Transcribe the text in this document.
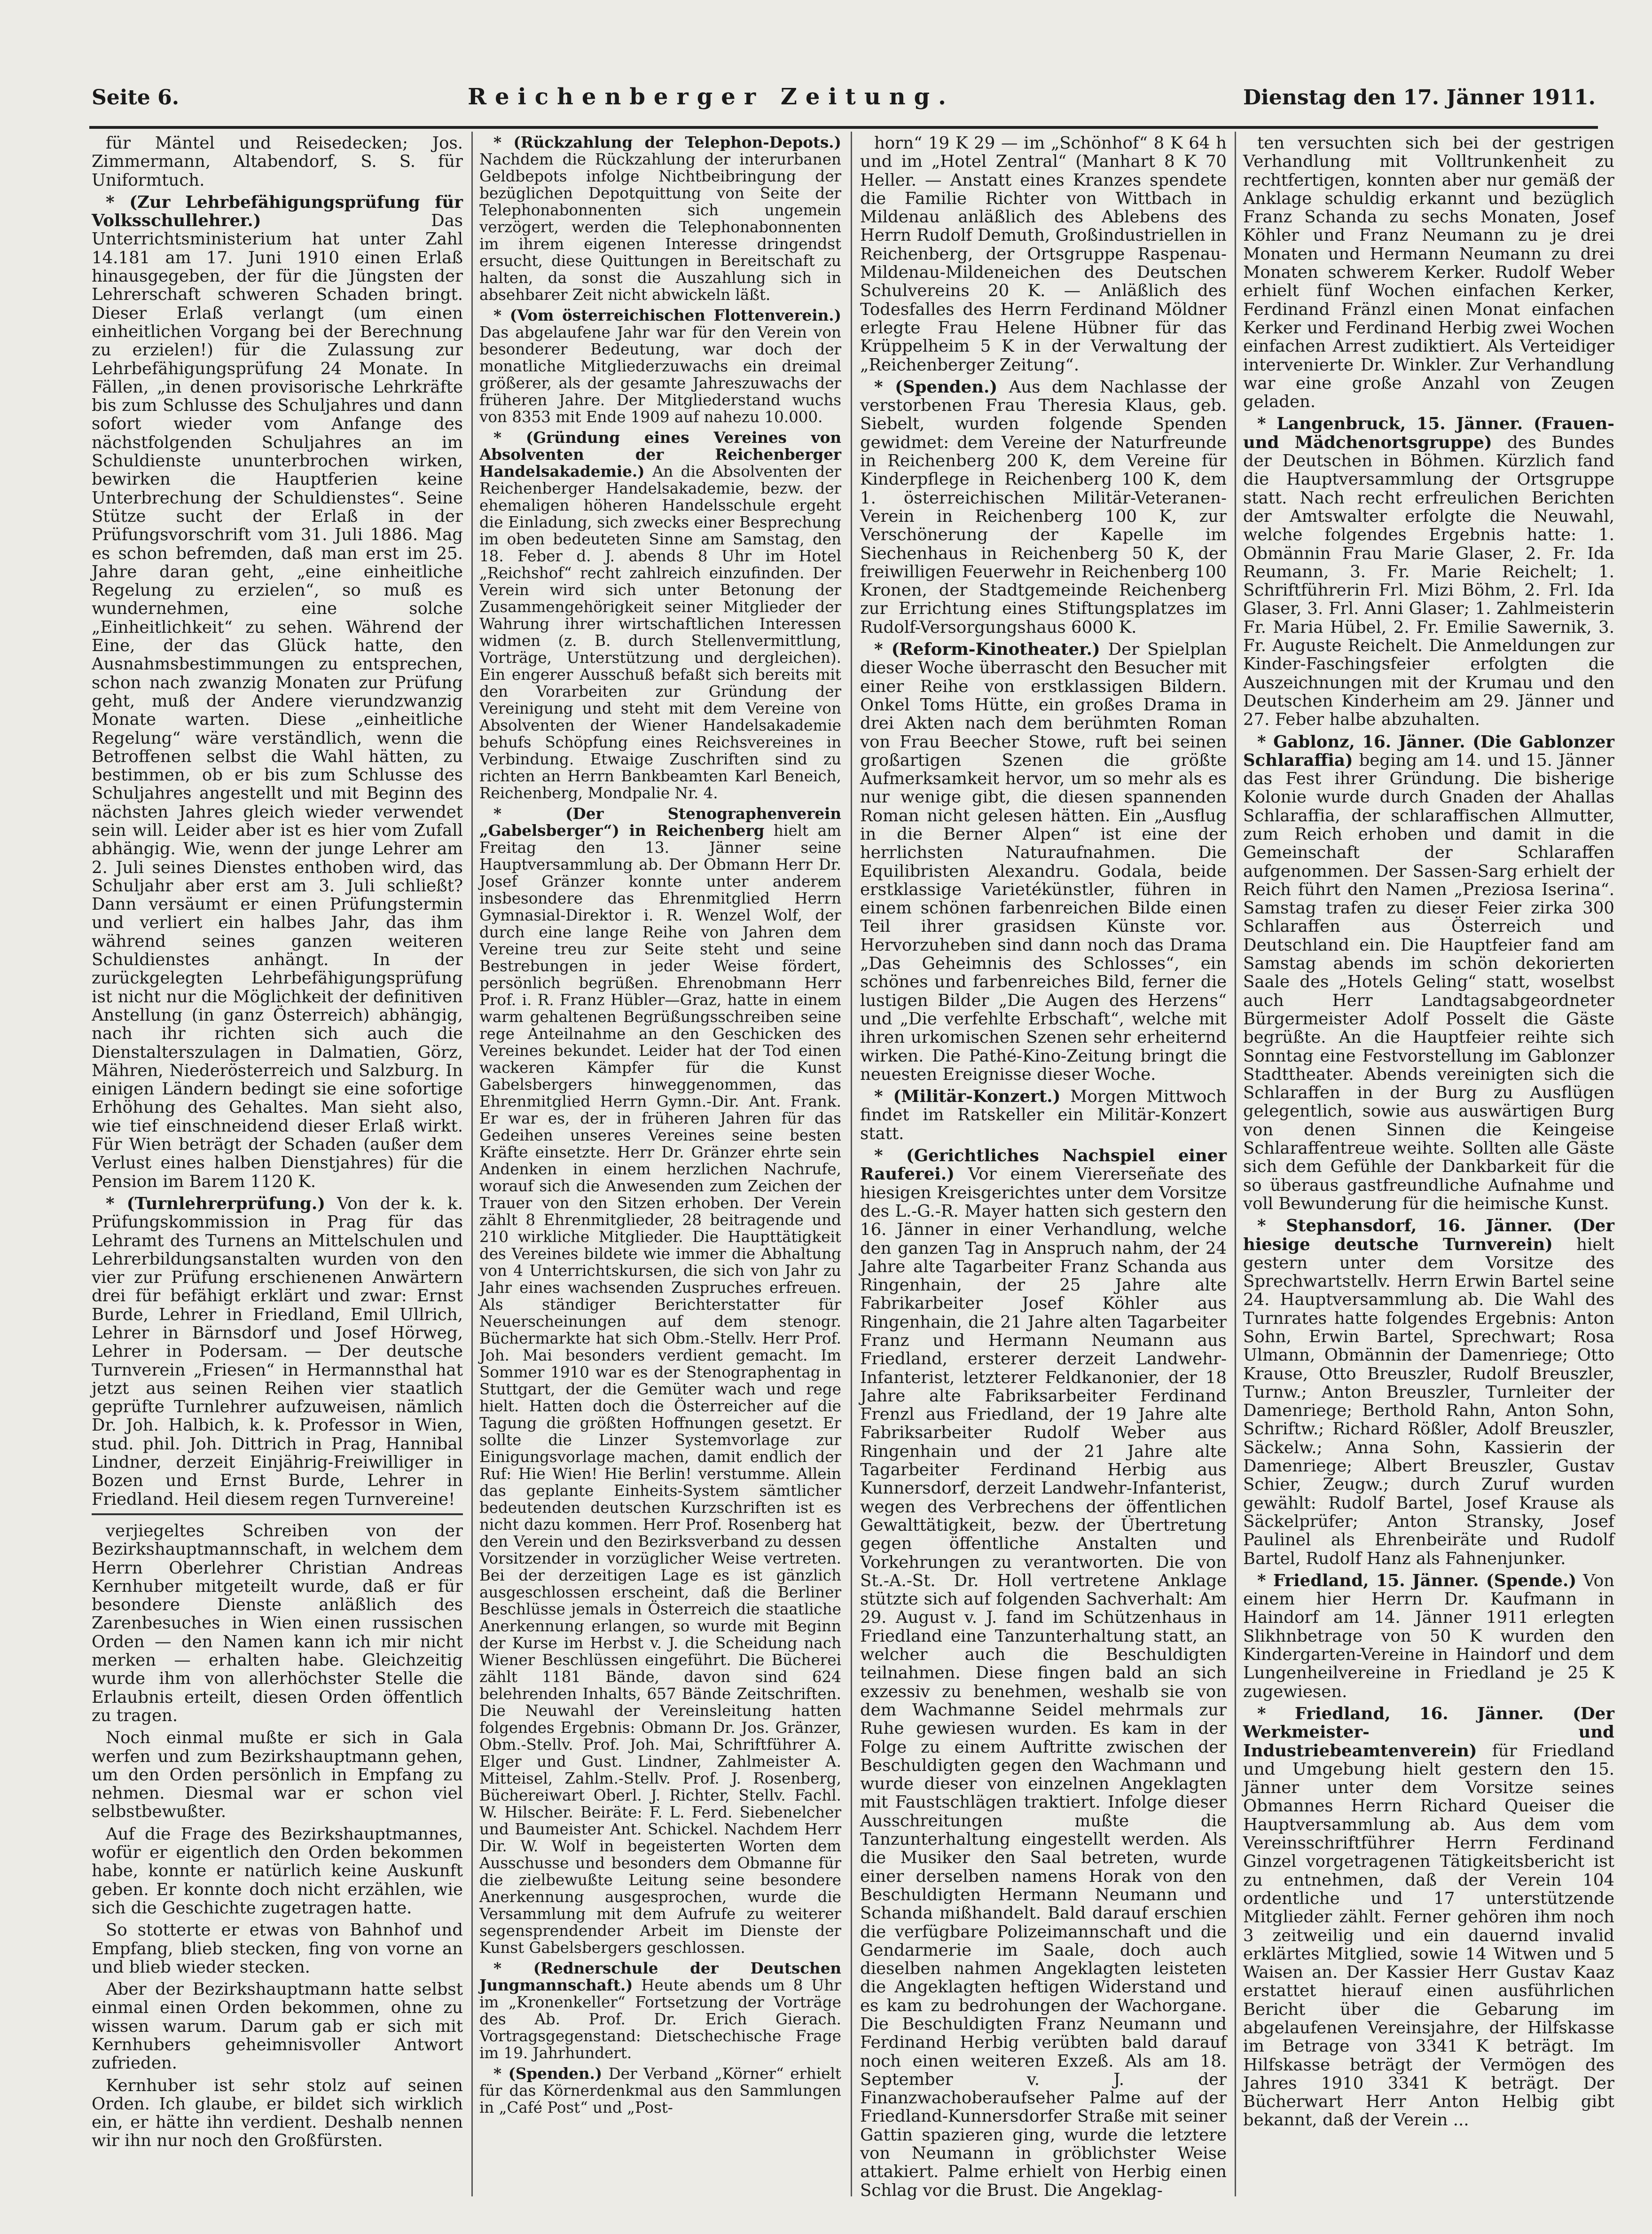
Seite 6.	Reichenberger Zeitung.	Dienstag den 17. Jänner 1911.

für Mäntel und Reisedecken; Jos. Zimmermann, Altabendorf, S. S. für Uniformtuch.

* (Zur Lehrbefähigungsprüfung für Volksschullehrer.)	Das Unterrichtsministerium hat unter Zahl 14.181 am 17. Juni 1910 einen Erlaß hinausgegeben, der für die Jüngsten der Lehrerschaft schweren Schaden bringt. Dieser Erlaß verlangt (um einen einheitlichen Vorgang bei der Berechnung zu erzielen!) für die Zulassung zur Lehrbefähigungsprüfung 24 Monate. In Fällen, „in denen provisorische Lehrkräfte bis zum Schlusse des Schuljahres und dann sofort wieder vom Anfange des nächstfolgenden Schuljahres an im Schuldienste ununterbrochen wirken, bewirken die Hauptferien keine Unterbrechung der Schuldienstes“. Seine Stütze sucht der Erlaß in der Prüfungsvorschrift vom 31. Juli 1886. Mag es schon befremden, daß man erst im 25. Jahre daran geht, „eine einheitliche Regelung zu erzielen“, so muß es wundernehmen, eine solche „Einheitlichkeit“ zu sehen. Während der Eine, der das Glück hatte, den Ausnahmsbestimmungen zu entsprechen, schon nach zwanzig Monaten zur Prüfung geht, muß der Andere vierundzwanzig Monate warten. Diese „einheitliche Regelung“ wäre verständlich, wenn die Betroffenen selbst die Wahl hätten, zu bestimmen, ob er bis zum Schlusse des Schuljahres angestellt und mit Beginn des nächsten Jahres gleich wieder verwendet sein will. Leider aber ist es hier vom Zufall abhängig. Wie, wenn der junge Lehrer am 2. Juli seines Dienstes enthoben wird, das Schuljahr aber erst am 3. Juli schließt? Dann versäumt er einen Prüfungstermin und verliert ein halbes Jahr, das ihm während seines ganzen weiteren Schuldienstes anhängt. In der zurückgelegten Lehrbefähigungsprüfung ist nicht nur die Möglichkeit der definitiven Anstellung (in ganz Österreich) abhängig, nach ihr richten sich auch die Dienstalterszulagen in Dalmatien, Görz, Mähren, Niederösterreich und Salzburg. In einigen Ländern bedingt sie eine sofortige Erhöhung des Gehaltes. Man sieht also, wie tief einschneidend dieser Erlaß wirkt. Für Wien beträgt der Schaden (außer dem Verlust eines halben Dienstjahres) für die Pension im Barem 1120 K.

* (Turnlehrerprüfung.) Von der k. k. Prüfungskommission in Prag für das Lehramt des Turnens an Mittelschulen und Lehrerbildungsanstalten wurden von den vier zur Prüfung erschienenen Anwärtern drei für befähigt erklärt und zwar: Ernst Burde, Lehrer in Friedland, Emil Ullrich, Lehrer in Bärnsdorf und Josef Hörweg, Lehrer in Podersam. — Der deutsche Turnverein „Friesen“ in Hermannsthal hat jetzt aus seinen Reihen vier staatlich geprüfte Turnlehrer aufzuweisen, nämlich Dr. Joh. Halbich, k. k. Professor in Wien, stud. phil. Joh. Dittrich in Prag, Hannibal Lindner, derzeit Einjährig-Freiwilliger in Bozen und Ernst Burde, Lehrer in Friedland. Heil diesem regen Turnvereine!

verjiegeltes Schreiben von der Bezirkshauptmannschaft, in welchem dem Herrn Oberlehrer Christian Andreas Kernhuber mitgeteilt wurde, daß er für besondere Dienste anläßlich des Zarenbesuches in Wien einen russischen Orden — den Namen kann ich mir nicht merken — erhalten habe. Gleichzeitig wurde ihm von allerhöchster Stelle die Erlaubnis erteilt, diesen Orden öffentlich zu tragen.

Noch einmal mußte er sich in Gala werfen und zum Bezirkshauptmann gehen, um den Orden persönlich in Empfang zu nehmen. Diesmal war er schon viel selbstbewußter.

Auf die Frage des Bezirkshauptmannes, wofür er eigentlich den Orden bekommen habe, konnte er natürlich keine Auskunft geben. Er konnte doch nicht erzählen, wie sich die Geschichte zugetragen hatte.

So stotterte er etwas von Bahnhof und Empfang, blieb stecken, fing von vorne an und blieb wieder stecken.

Aber der Bezirkshauptmann hatte selbst einmal einen Orden bekommen, ohne zu wissen warum. Darum gab er sich mit Kernhubers geheimnisvoller Antwort zufrieden.

Kernhuber ist sehr stolz auf seinen Orden. Ich glaube, er bildet sich wirklich ein, er hätte ihn verdient. Deshalb nennen wir ihn nur noch den Großfürsten.

* (Rückzahlung der Telephon-Depots.) Nachdem die Rückzahlung der interurbanen Geldbepots infolge Nichtbeibringung der bezüglichen Depotquittung von Seite der Telephonabonnenten sich ungemein verzögert, werden die Telephonabonnenten im ihrem eigenen Interesse dringendst ersucht, diese Quittungen in Bereitschaft zu halten, da sonst die Auszahlung sich in absehbarer Zeit nicht abwickeln läßt.

* (Vom österreichischen Flottenverein.) Das abgelaufene Jahr war für den Verein von besonderer Bedeutung, war doch der monatliche Mitgliederzuwachs ein dreimal größerer, als der gesamte Jahreszuwachs der früheren Jahre. Der Mitgliederstand wuchs von 8353 mit Ende 1909 auf nahezu 10.000.

* (Gründung eines Vereines von Absolventen der Reichenberger Handelsakademie.) An die Absolventen der Reichenberger Handelsakademie, bezw. der ehemaligen höheren Handelsschule ergeht die Einladung, sich zwecks einer Besprechung im oben bedeuteten Sinne am Samstag, den 18. Feber d. J. abends 8 Uhr im Hotel „Reichshof“ recht zahlreich einzufinden. Der Verein wird sich unter Betonung der Zusammengehörigkeit seiner Mitglieder der Wahrung ihrer wirtschaftlichen Interessen widmen (z. B. durch Stellenvermittlung, Vorträge, Unterstützung und dergleichen). Ein engerer Ausschuß befaßt sich bereits mit den Vorarbeiten zur Gründung der Vereinigung und steht mit dem Vereine von Absolventen der Wiener Handelsakademie behufs Schöpfung eines Reichsvereines in Verbindung. Etwaige Zuschriften sind zu richten an Herrn Bankbeamten Karl Beneich, Reichenberg, Mondpalie Nr. 4.

* (Der Stenographenverein „Gabelsberger“) in Reichenberg hielt am Freitag den 13. Jänner seine Hauptversammlung ab. Der Obmann Herr Dr. Josef Gränzer konnte unter anderem insbesondere das Ehrenmitglied Herrn Gymnasial-Direktor i. R. Wenzel Wolf, der durch eine lange Reihe von Jahren dem Vereine treu zur Seite steht und seine Bestrebungen in jeder Weise fördert, persönlich begrüßen. Ehrenobmann Herr Prof. i. R. Franz Hübler—Graz, hatte in einem warm gehaltenen Begrüßungsschreiben seine rege Anteilnahme an den Geschicken des Vereines bekundet. Leider hat der Tod einen wackeren Kämpfer für die Kunst Gabelsbergers hinweggenommen, das Ehrenmitglied Herrn Gymn.-Dir. Ant. Frank. Er war es, der in früheren Jahren für das Gedeihen unseres Vereines seine besten Kräfte einsetzte. Herr Dr. Gränzer ehrte sein Andenken in einem herzlichen Nachrufe, worauf sich die Anwesenden zum Zeichen der Trauer von den Sitzen erhoben. Der Verein zählt 8 Ehrenmitglieder, 28 beitragende und 210 wirkliche Mitglieder. Die Haupttätigkeit des Vereines bildete wie immer die Abhaltung von 4 Unterrichtskursen, die sich von Jahr zu Jahr eines wachsenden Zuspruches erfreuen. Als ständiger Berichterstatter für Neuerscheinungen auf dem stenogr. Büchermarkte hat sich Obm.-Stellv. Herr Prof. Joh. Mai besonders verdient gemacht. Im Sommer 1910 war es der Stenographentag in Stuttgart, der die Gemüter wach und rege hielt. Hatten doch die Österreicher auf die Tagung die größten Hoffnungen gesetzt. Er sollte die Linzer Systemvorlage zur Einigungsvorlage machen, damit endlich der Ruf: Hie Wien! Hie Berlin! verstumme. Allein das geplante Einheits-System sämtlicher bedeutenden deutschen Kurzschriften ist es nicht dazu kommen. Herr Prof. Rosenberg hat den Verein und den Bezirksverband zu dessen Vorsitzender in vorzüglicher Weise vertreten. Bei der derzeitigen Lage es ist gänzlich ausgeschlossen erscheint, daß die Berliner Beschlüsse jemals in Österreich die staatliche Anerkennung erlangen, so wurde mit Beginn der Kurse im Herbst v. J. die Scheidung nach Wiener Beschlüssen eingeführt. Die Bücherei zählt 1181 Bände, davon sind 624 belehrenden Inhalts, 657 Bände Zeitschriften. Die Neuwahl der Vereinsleitung hatten folgendes Ergebnis: Obmann Dr. Jos. Gränzer, Obm.-Stellv. Prof. Joh. Mai, Schriftführer A. Elger und Gust. Lindner, Zahlmeister A. Mitteisel, Zahlm.-Stellv. Prof. J. Rosenberg, Büchereiwart Oberl. J. Richter, Stellv. Fachl. W. Hilscher. Beiräte: F. L. Ferd. Siebenelcher und Baumeister Ant. Schickel. Nachdem Herr Dir. W. Wolf in begeisterten Worten dem Ausschusse und besonders dem Obmanne für die zielbewußte Leitung seine besondere Anerkennung ausgesprochen, wurde die Versammlung mit dem Aufrufe zu weiterer segensprendender Arbeit im Dienste der Kunst Gabelsbergers geschlossen.

* (Rednerschule der Deutschen Jungmannschaft.) Heute abends um 8 Uhr im „Kronenkeller“ Fortsetzung der Vorträge des Ab. Prof. Dr. Erich Gierach. Vortragsgegenstand: Dietschechische Frage im 19. Jahrhundert.

* (Spenden.) Der Verband „Körner“ erhielt für das Körnerdenkmal aus den Sammlungen in „Café Post“ und „Post-

horn“ 19 K 29 — im „Schönhof“ 8 K 64 h und im „Hotel Zentral“ (Manhart 8 K 70 Heller. — Anstatt eines Kranzes spendete die Familie Richter von Wittbach in Mildenau anläßlich des Ablebens des Herrn Rudolf Demuth, Großindustriellen in Reichenberg, der Ortsgruppe Raspenau-Mildenau-Mildeneichen des Deutschen Schulvereins 20 K. — Anläßlich des Todesfalles des Herrn Ferdinand Möldner erlegte Frau Helene Hübner für das Krüppelheim 5 K in der Verwaltung der „Reichenberger Zeitung“.

* (Spenden.) Aus dem Nachlasse der verstorbenen Frau Theresia Klaus, geb. Siebelt, wurden folgende Spenden gewidmet: dem Vereine der Naturfreunde in Reichenberg 200 K, dem Vereine für Kinderpflege in Reichenberg 100 K, dem 1. österreichischen Militär-Veteranen-Verein in Reichenberg 100 K, zur Verschönerung der Kapelle im Siechenhaus in Reichenberg 50 K, der freiwilligen Feuerwehr in Reichenberg 100 Kronen, der Stadtgemeinde Reichenberg zur Errichtung eines Stiftungsplatzes im Rudolf-Versorgungshaus 6000 K.

* (Reform-Kinotheater.) Der Spielplan dieser Woche überrascht den Besucher mit einer Reihe von erstklassigen Bildern. Onkel Toms Hütte, ein großes Drama in drei Akten nach dem berühmten Roman von Frau Beecher Stowe, ruft bei seinen großartigen Szenen die größte Aufmerksamkeit hervor, um so mehr als es nur wenige gibt, die diesen spannenden Roman nicht gelesen hätten. Ein „Ausflug in die Berner Alpen“ ist eine der herrlichsten Naturaufnahmen. Die Equilibristen Alexandru. Godala, beide erstklassige Varietékünstler, führen in einem schönen farbenreichen Bilde einen Teil ihrer grasidsen Künste vor. Hervorzuheben sind dann noch das Drama „Das Geheimnis des Schlosses“, ein schönes und farbenreiches Bild, ferner die lustigen Bilder „Die Augen des Herzens“ und „Die verfehlte Erbschaft“, welche mit ihren urkomischen Szenen sehr erheiternd wirken. Die Pathé-Kino-Zeitung bringt die neuesten Ereignisse dieser Woche.

* (Militär-Konzert.) Morgen Mittwoch findet im Ratskeller ein Militär-Konzert statt.

* (Gerichtliches Nachspiel einer Rauferei.) Vor einem Viererseñate des hiesigen Kreisgerichtes unter dem Vorsitze des L.-G.-R. Mayer hatten sich gestern den 16. Jänner in einer Verhandlung, welche den ganzen Tag in Anspruch nahm, der 24 Jahre alte Tagarbeiter Franz Schanda aus Ringenhain, der 25 Jahre alte Fabrikarbeiter Josef Köhler aus Ringenhain, die 21 Jahre alten Tagarbeiter Franz und Hermann Neumann aus Friedland, ersterer derzeit Landwehr-Infanterist, letzterer Feldkanonier, der 18 Jahre alte Fabriksarbeiter Ferdinand Frenzl aus Friedland, der 19 Jahre alte Fabriksarbeiter Rudolf Weber aus Ringenhain und der 21 Jahre alte Tagarbeiter Ferdinand Herbig aus Kunnersdorf, derzeit Landwehr-Infanterist, wegen des Verbrechens der öffentlichen Gewalttätigkeit, bezw. der Übertretung gegen öffentliche Anstalten und Vorkehrungen zu verantworten. Die von St.-A.-St. Dr. Holl vertretene Anklage stützte sich auf folgenden Sachverhalt: Am 29. August v. J. fand im Schützenhaus in Friedland eine Tanzunterhaltung statt, an welcher auch die Beschuldigten teilnahmen. Diese fingen bald an sich exzessiv zu benehmen, weshalb sie von dem Wachmanne Seidel mehrmals zur Ruhe gewiesen wurden. Es kam in der Folge zu einem Auftritte zwischen der Beschuldigten gegen den Wachmann und wurde dieser von einzelnen Angeklagten mit Faustschlägen traktiert. Infolge dieser Ausschreitungen mußte die Tanzunterhaltung eingestellt werden. Als die Musiker den Saal betreten, wurde einer derselben namens Horak von den Beschuldigten Hermann Neumann und Schanda mißhandelt. Bald darauf erschien die verfügbare Polizeimannschaft und die Gendarmerie im Saale, doch auch dieselben nahmen Angeklagten leisteten die Angeklagten heftigen Widerstand und es kam zu bedrohungen der Wachorgane. Die Beschuldigten Franz Neumann und Ferdinand Herbig verübten bald darauf noch einen weiteren Exzeß. Als am 18. September v. J. der Finanzwachoberaufseher Palme auf der Friedland-Kunnersdorfer Straße mit seiner Gattin spazieren ging, wurde die letztere von Neumann in gröblichster Weise attakiert. Palme erhielt von Herbig einen Schlag vor die Brust. Die Angeklag-

ten versuchten sich bei der gestrigen Verhandlung mit Volltrunkenheit zu rechtfertigen, konnten aber nur gemäß der Anklage schuldig erkannt und bezüglich Franz Schanda zu sechs Monaten, Josef Köhler und Franz Neumann zu je drei Monaten und Hermann Neumann zu drei Monaten schwerem Kerker. Rudolf Weber erhielt fünf Wochen einfachen Kerker, Ferdinand Fränzl einen Monat einfachen Kerker und Ferdinand Herbig zwei Wochen einfachen Arrest zudiktiert. Als Verteidiger intervenierte Dr. Winkler. Zur Verhandlung war eine große Anzahl von Zeugen geladen.

* Langenbruck, 15. Jänner. (Frauen- und Mädchenortsgruppe) des Bundes der Deutschen in Böhmen. Kürzlich fand die Hauptversammlung der Ortsgruppe statt. Nach recht erfreulichen Berichten der Amtswalter erfolgte die Neuwahl, welche folgendes Ergebnis hatte: 1. Obmännin Frau Marie Glaser, 2. Fr. Ida Reumann, 3. Fr. Marie Reichelt; 1. Schriftführerin Frl. Mizi Böhm, 2. Frl. Ida Glaser, 3. Frl. Anni Glaser; 1. Zahlmeisterin Fr. Maria Hübel, 2. Fr. Emilie Sawernik, 3. Fr. Auguste Reichelt. Die Anmeldungen zur Kinder-Faschingsfeier erfolgten die Auszeichnungen mit der Krumau und den Deutschen Kinderheim am 29. Jänner und 27. Feber halbe abzuhalten.

* Gablonz, 16. Jänner. (Die Gablonzer Schlaraffia) beging am 14. und 15. Jänner das Fest ihrer Gründung. Die bisherige Kolonie wurde durch Gnaden der Ahallas Schlaraffia, der schlaraffischen Allmutter, zum Reich erhoben und damit in die Gemeinschaft der Schlaraffen aufgenommen. Der Sassen-Sarg erhielt der Reich führt den Namen „Preziosa Iserina“. Samstag trafen zu dieser Feier zirka 300 Schlaraffen aus Österreich und Deutschland ein. Die Hauptfeier fand am Samstag abends im schön dekorierten Saale des „Hotels Geling“ statt, woselbst auch Herr Landtagsabgeordneter Bürgermeister Adolf Posselt die Gäste begrüßte. An die Hauptfeier reihte sich Sonntag eine Festvorstellung im Gablonzer Stadttheater. Abends vereinigten sich die Schlaraffen in der Burg zu Ausflügen gelegentlich, sowie aus auswärtigen Burg von denen Sinnen die Keingeise Schlaraffentreue weihte. Sollten alle Gäste sich dem Gefühle der Dankbarkeit für die so überaus gastfreundliche Aufnahme und voll Bewunderung für die heimische Kunst.

* Stephansdorf, 16. Jänner. (Der hiesige deutsche Turnverein) hielt gestern unter dem Vorsitze des Sprechwartstellv. Herrn Erwin Bartel seine 24. Hauptversammlung ab. Die Wahl des Turnrates hatte folgendes Ergebnis: Anton Sohn, Erwin Bartel, Sprechwart; Rosa Ulmann, Obmännin der Damenriege; Otto Krause, Otto Breuszler, Rudolf Breuszler, Turnw.; Anton Breuszler, Turnleiter der Damenriege; Berthold Rahn, Anton Sohn, Schriftw.; Richard Rößler, Adolf Breuszler, Säckelw.; Anna Sohn, Kassierin der Damenriege; Albert Breuszler, Gustav Schier, Zeugw.; durch Zuruf wurden gewählt: Rudolf Bartel, Josef Krause als Säckelprüfer; Anton Stransky, Josef Paulinel als Ehrenbeiräte und Rudolf Bartel, Rudolf Hanz als Fahnenjunker.

* Friedland, 15. Jänner. (Spende.) Von einem hier Herrn Dr. Kaufmann in Haindorf am 14. Jänner 1911 erlegten Slikhnbetrage von 50 K wurden den Kindergarten-Vereine in Haindorf und dem Lungenheilvereine in Friedland je 25 K zugewiesen.

* Friedland, 16. Jänner. (Der Werkmeister- und Industriebeamtenverein) für Friedland und Umgebung hielt gestern den 15. Jänner unter dem Vorsitze seines Obmannes Herrn Richard Queiser die Hauptversammlung ab. Aus dem vom Vereinsschriftführer Herrn Ferdinand Ginzel vorgetragenen Tätigkeitsbericht ist zu entnehmen, daß der Verein 104 ordentliche und 17 unterstützende Mitglieder zählt. Ferner gehören ihm noch 3 zeitweilig und ein dauernd invalid erklärtes Mitglied, sowie 14 Witwen und 5 Waisen an. Der Kassier Herr Gustav Kaaz erstattet hierauf einen ausführlichen Bericht über die Gebarung im abgelaufenen Vereinsjahre, der Hilfskasse im Betrage von 3341 K beträgt. Im Hilfskasse beträgt der Vermögen des Jahres 1910 3341 K beträgt. Der Bücherwart Herr Anton Helbig gibt bekannt, daß der Verein ...
